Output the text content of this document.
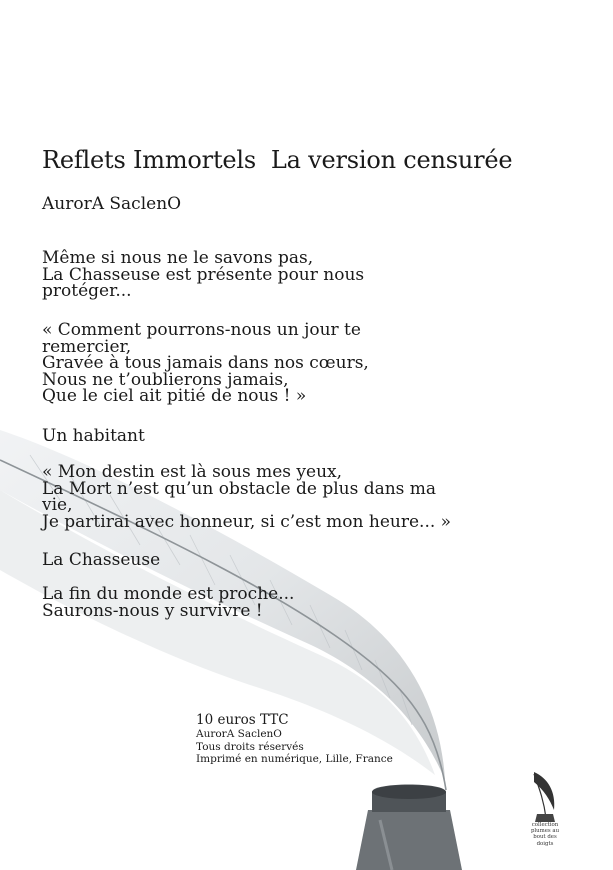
Reflets Immortels  La version censurée
AurorA SaclenO
Même si nous ne le savons pas,
La Chasseuse est présente pour nous
protéger...
« Comment pourrons-nous un jour te
remercier,
Gravée à tous jamais dans nos cœurs,
Nous ne t’oublierons jamais,
Que le ciel ait pitié de nous ! »
Un habitant
« Mon destin est là sous mes yeux,
La Mort n’est qu’un obstacle de plus dans ma
vie,
Je partirai avec honneur, si c’est mon heure... »
La Chasseuse
La fin du monde est proche...
Saurons-nous y survivre !
10 euros TTC
AurorA SaclenO
Tous droits réservés
Imprimé en numérique, Lille, France
collection
plumes au
bout des
doigts
